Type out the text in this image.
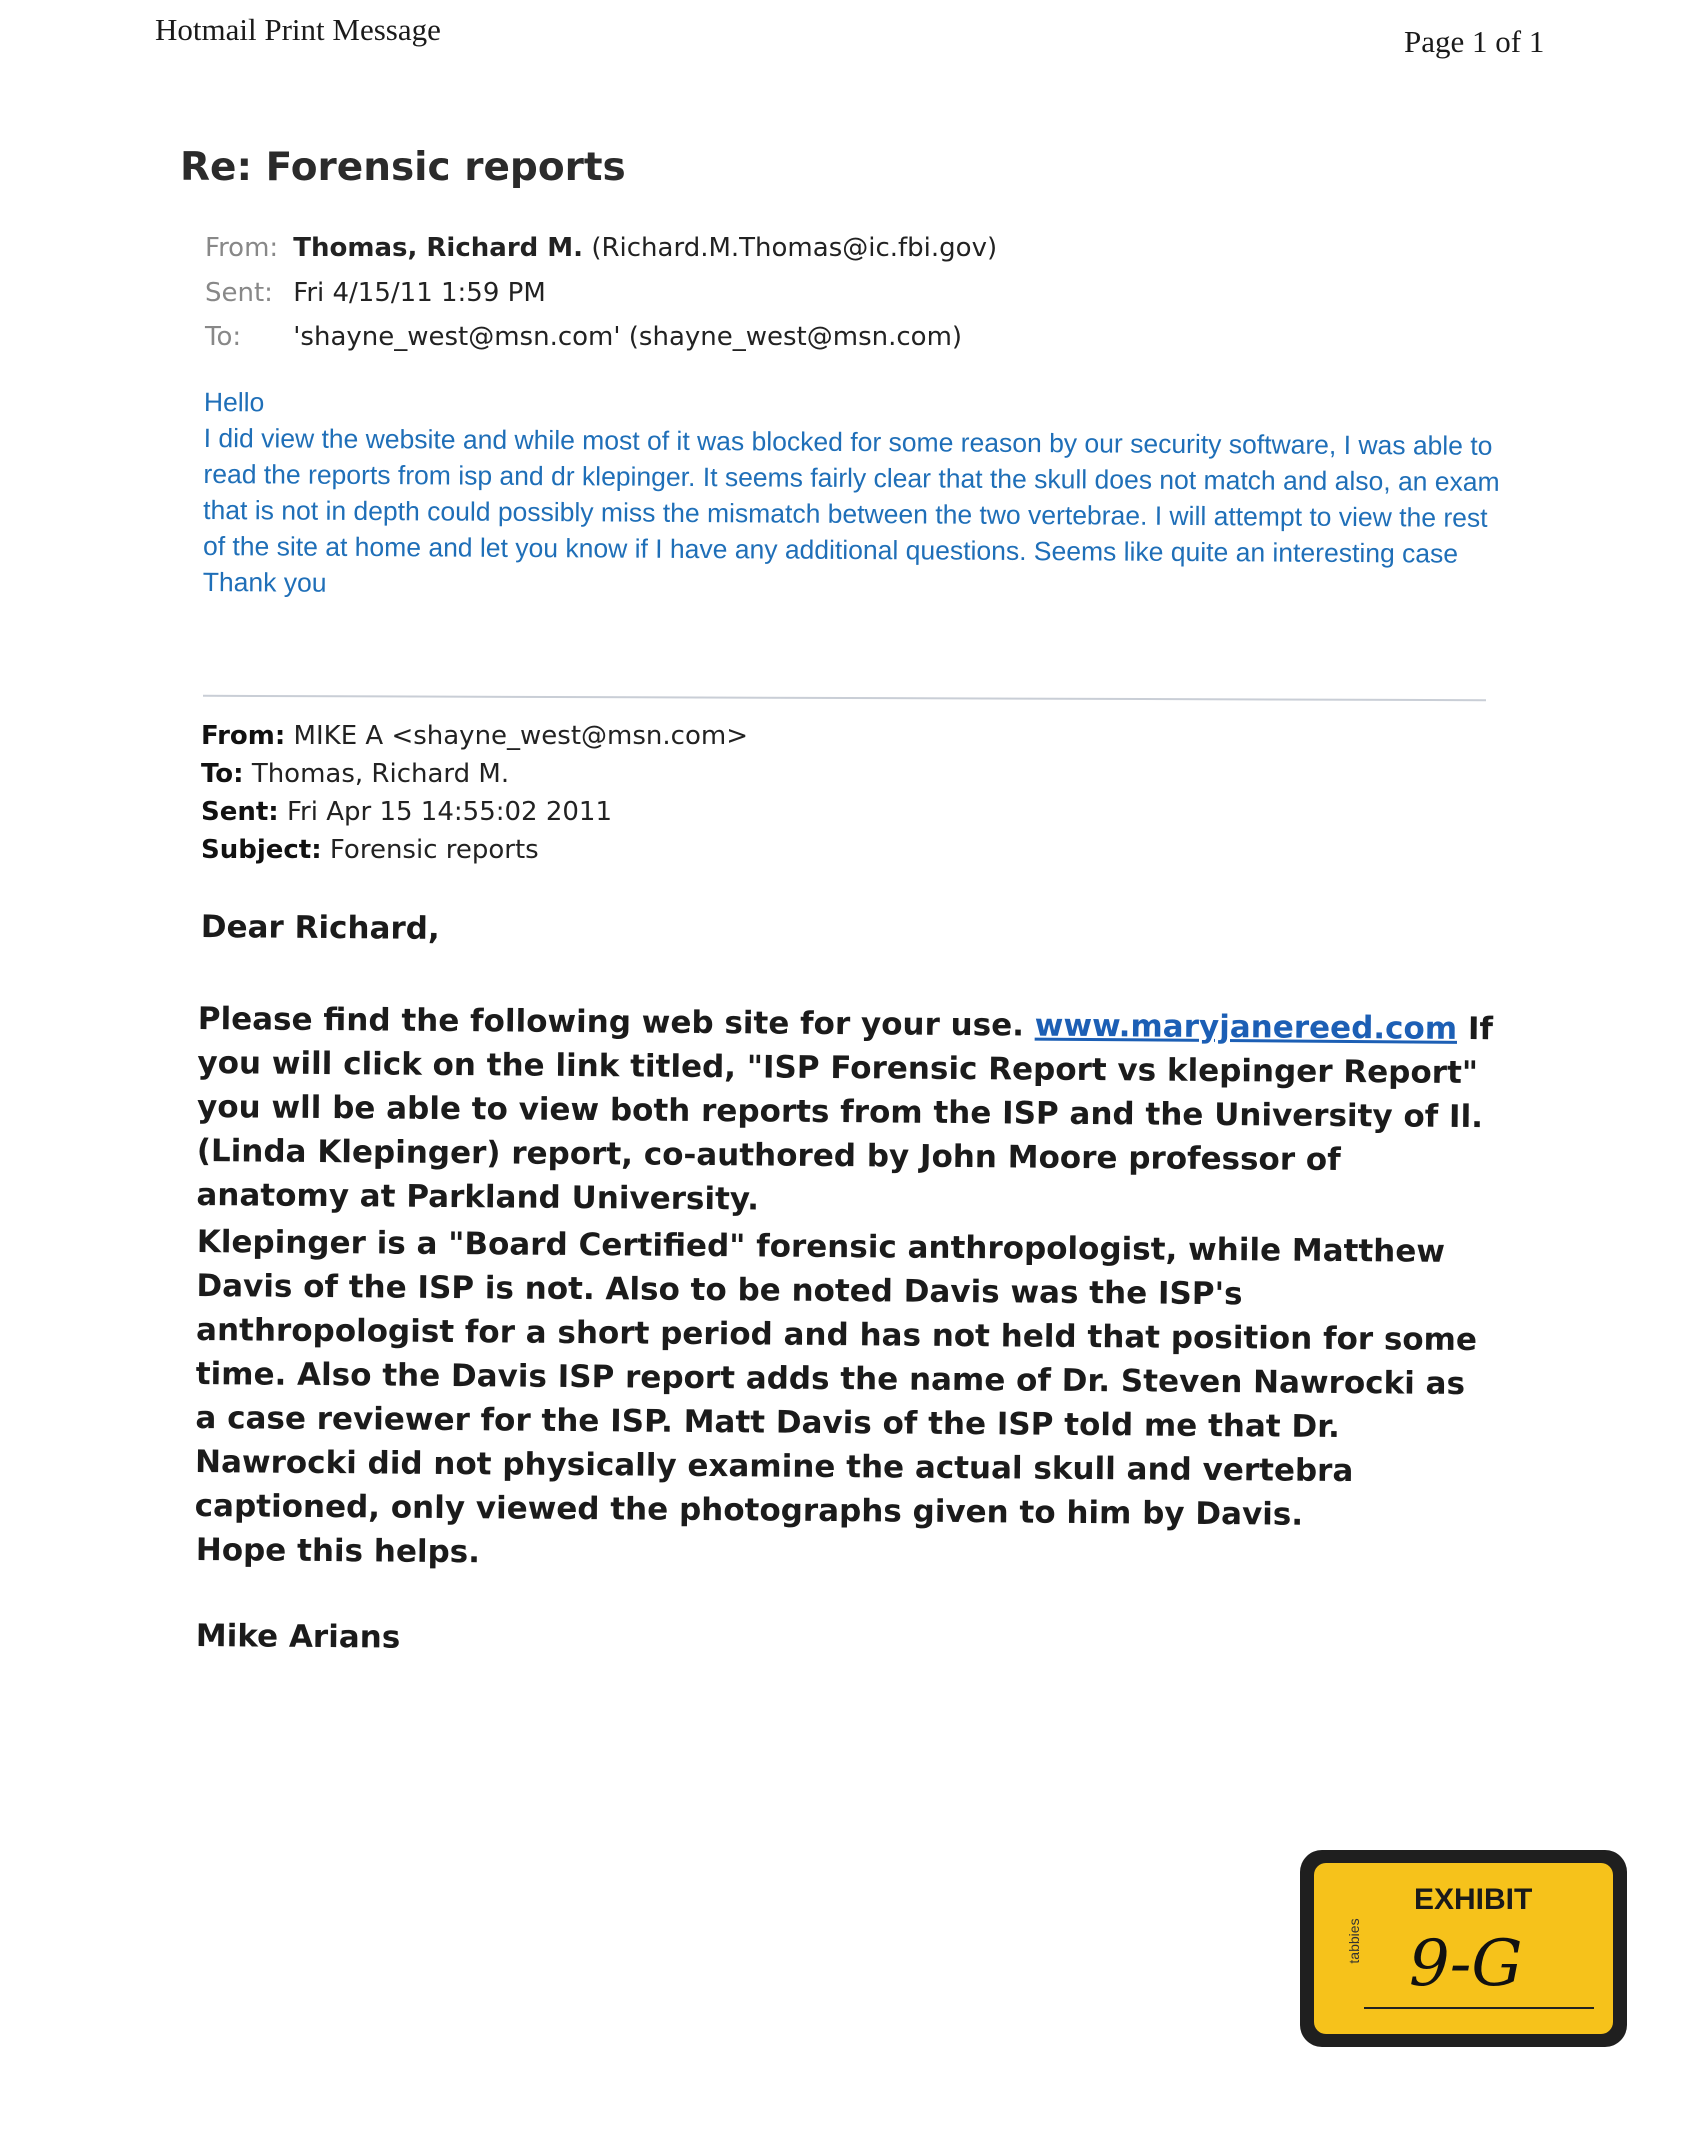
Hotmail Print Message	Page 1 of 1
Re: Forensic reports
From: Thomas, Richard M. (Richard.M.Thomas@ic.fbi.gov)
Sent: Fri 4/15/11 1:59 PM
To: 'shayne_west@msn.com' (shayne_west@msn.com)

Hello

I did view the website and while most of it was blocked for some reason by our security software, I was able to read the reports from isp and dr klepinger. It seems fairly clear that the skull does not match and also, an exam that is not in depth could possibly miss the mismatch between the two vertebrae. I will attempt to view the rest of the site at home and let you know if I have any additional questions. Seems like quite an interesting case

Thank you

From: MIKE A <shayne_west@msn.com>
To: Thomas, Richard M.
Sent: Fri Apr 15 14:55:02 2011
Subject: Forensic reports
Dear Richard,

Please find the following web site for your use. www.maryjanereed.com If you will click on the link titled, "ISP Forensic Report vs klepinger Report" you wll be able to view both reports from the ISP and the University of Il. (Linda Klepinger) report, co-authored by John Moore professor of anatomy at Parkland University.

Klepinger is a "Board Certified" forensic anthropologist, while Matthew Davis of the ISP is not. Also to be noted Davis was the ISP's anthropologist for a short period and has not held that position for some time. Also the Davis ISP report adds the name of Dr. Steven Nawrocki as a case reviewer for the ISP. Matt Davis of the ISP told me that Dr. Nawrocki did not physically examine the actual skull and vertebra captioned, only viewed the photographs given to him by Davis.

Hope this helps.
Mike Arians
EXHIBIT
tabbies 9-G
